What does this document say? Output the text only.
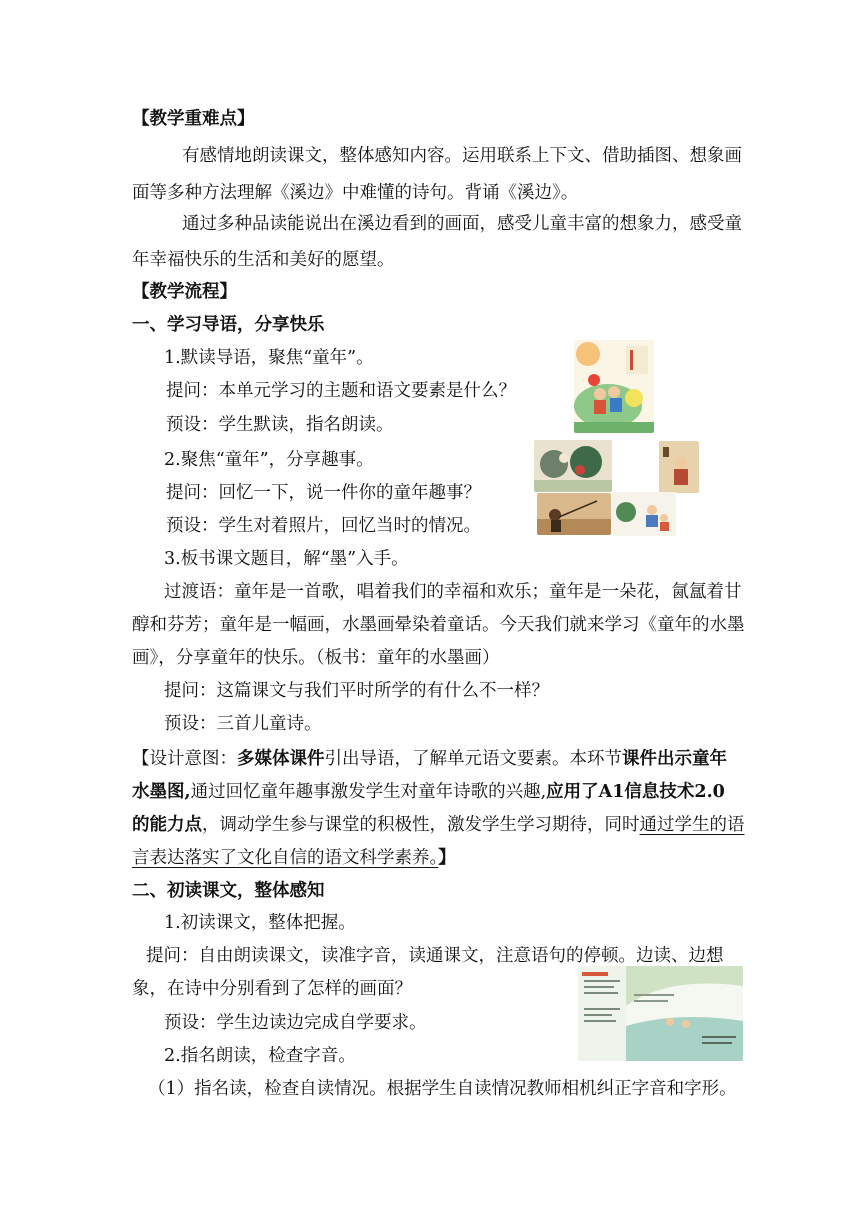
【教学重难点】
有感情地朗读课文，整体感知内容。运用联系上下文、借助插图、想象画
面等多种方法理解《溪边》中难懂的诗句。背诵《溪边》。
通过多种品读能说出在溪边看到的画面，感受儿童丰富的想象力，感受童
年幸福快乐的生活和美好的愿望。
【教学流程】
一、学习导语，分享快乐
1.默读导语，聚焦“童年”。
提问：本单元学习的主题和语文要素是什么？
预设：学生默读，指名朗读。
2.聚焦“童年”，分享趣事。
提问：回忆一下，说一件你的童年趣事？
预设：学生对着照片，回忆当时的情况。
3.板书课文题目，解“墨”入手。
过渡语：童年是一首歌，唱着我们的幸福和欢乐；童年是一朵花，氤氲着甘
醇和芬芳；童年是一幅画，水墨画晕染着童话。今天我们就来学习《童年的水墨
画》，分享童年的快乐。（板书：童年的水墨画）
提问：这篇课文与我们平时所学的有什么不一样？
预设：三首儿童诗。
【设计意图：多媒体课件引出导语，了解单元语文要素。本环节课件出示童年
水墨图,通过回忆童年趣事激发学生对童年诗歌的兴趣,应用了A1信息技术2.0
的能力点，调动学生参与课堂的积极性，激发学生学习期待，同时通过学生的语
言表达落实了文化自信的语文科学素养。】
二、初读课文，整体感知
1.初读课文，整体把握。
提问：自由朗读课文，读准字音，读通课文，注意语句的停顿。边读、边想
象，在诗中分别看到了怎样的画面？
预设：学生边读边完成自学要求。
2.指名朗读，检查字音。
（1）指名读，检查自读情况。根据学生自读情况教师相机纠正字音和字形。
